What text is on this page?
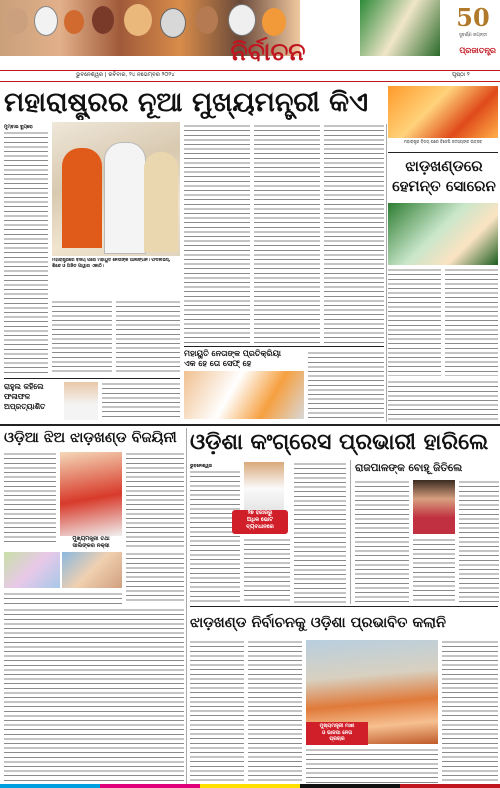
50
ସୁବର୍ଣ୍ଣ ଜୟନ୍ତୀ
ନିର୍ବାଚନ	ପ୍ରଜାତନ୍ତ୍ର
ଭୁବନେଶ୍ୱର | ରବିବାର, ୨୪ ନଭେମ୍ବର ୨୦୨୪	ପୃଷ୍ଠା ୨
ମହାରାଷ୍ଟ୍ରର ନୂଆ ମୁଖ୍ୟମନ୍ତ୍ରୀ କିଏ
ମହାରାଷ୍ଟ୍ର ବିଜୟ ପରେ ବିଜେପି ସଦସ୍ୟଙ୍କ ଉତ୍ସବ
ମୁମ୍ବାଇ ବ୍ୟୁରୋ
ମହାରାଷ୍ଟ୍ରରେ ବିଜୟ ପରେ ମହାୟୁତି ନେତାଙ୍କ ଆଲିଙ୍ଗନ। ଫଡନାଭିସ୍, ଶିନ୍ଦେ ଓ ଅଜିତ ପାୱାର ଏକାଠି।
ଝାଡ଼ଖଣ୍ଡରେ ହେମନ୍ତ ସୋରେନ
ମହାୟୁତି ନେତାଙ୍କ ପ୍ରତିକ୍ରିୟା
ଏକ ହେ ତୋ ସେଫ୍ ହେ
ରାହୁଲ କହିଲେ ଫଳାଫଳ ଅପ୍ରତ୍ୟାଶିତ
ଓଡ଼ିଆ ଝିଅ ଝାଡ଼ଖଣ୍ଡ ବିଜୟିନୀ
ମୁଖ୍ୟମନ୍ତ୍ରୀ ତଥା
ସାଲିଙ୍କର ନକ୍ସା
ଓଡ଼ିଶା କଂଗ୍ରେସ ପ୍ରଭାରୀ ହାରିଲେ
ଭୁବନେଶ୍ୱର
୨୭ ହଜାରରୁ
ଅଧିକ ଭୋଟ
ବ୍ୟବଧାନରେ
ରାଜପାଳଙ୍କ ବୋହୂ ଜିତିଲେ
ଝାଡ଼ଖଣ୍ଡ ନିର୍ବାଚନକୁ ଓଡ଼ିଶା ପ୍ରଭାବିତ କଲାନି
ମୁଖ୍ୟମନ୍ତ୍ରୀ ମାଝୀ
ଓ ଭାଜପା ନେତା
ପ୍ରଚାର
